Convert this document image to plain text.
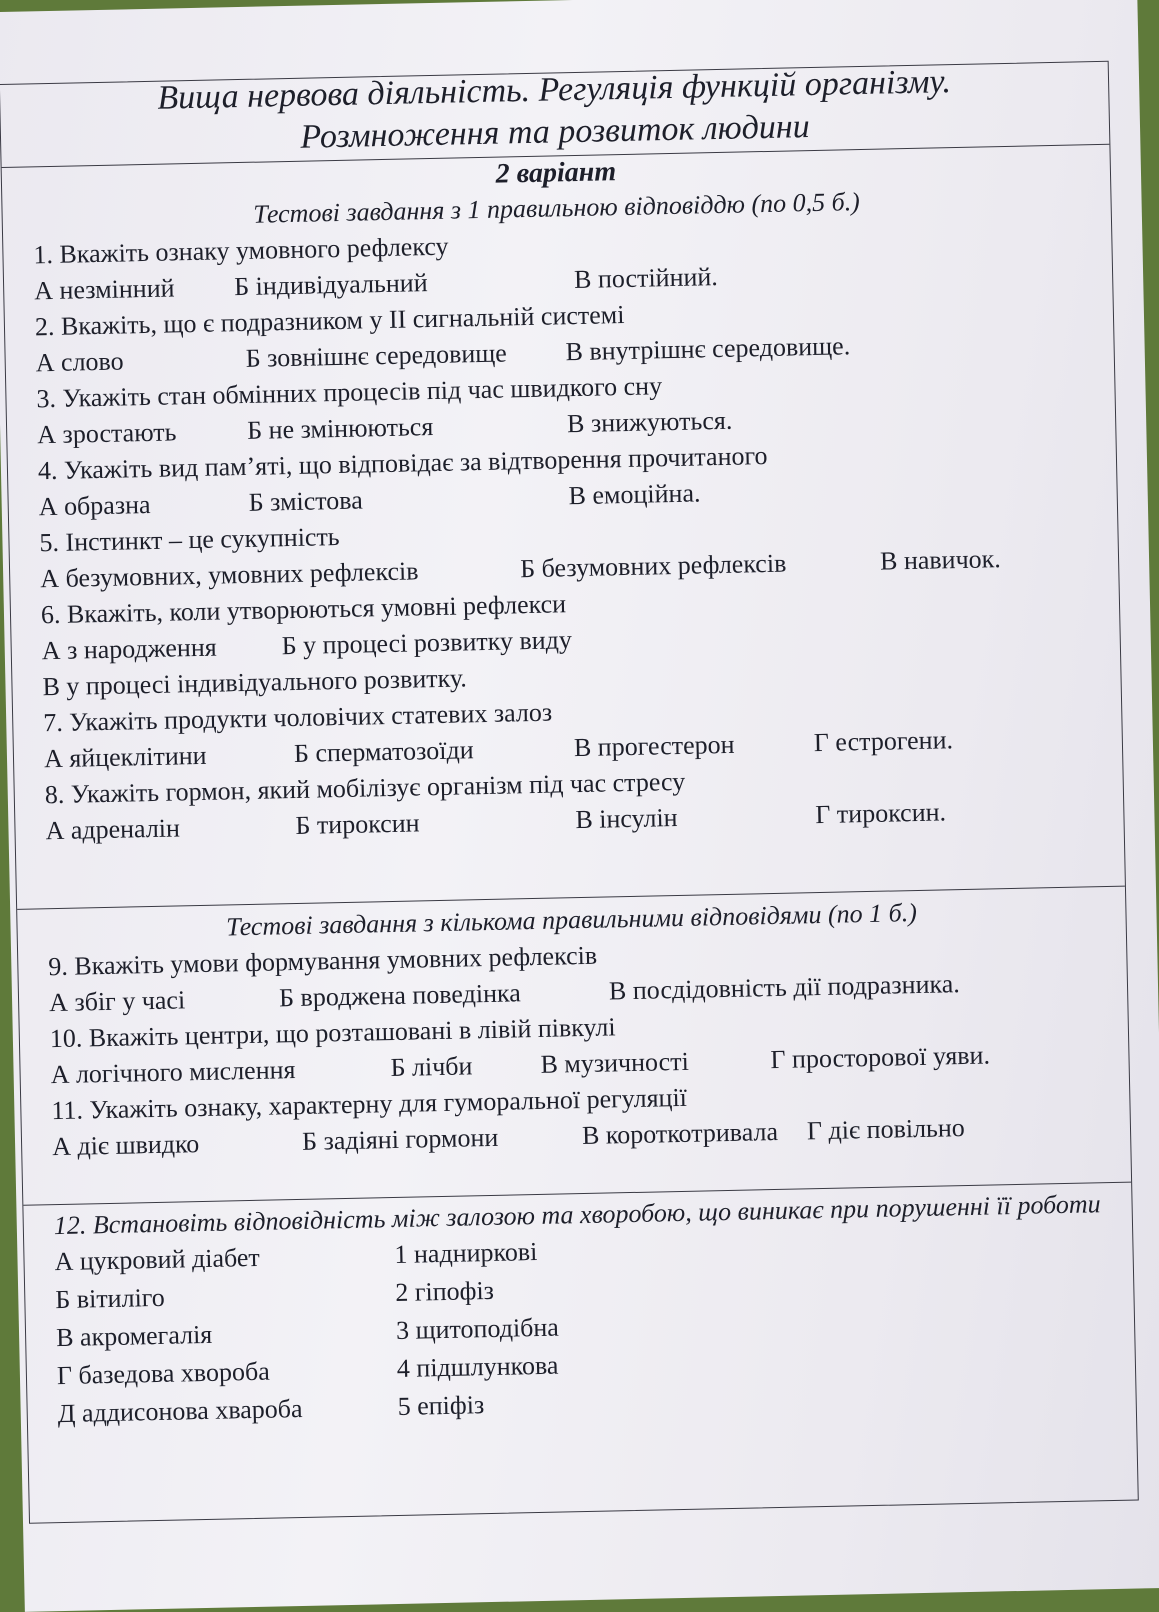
Вища нервова діяльність. Регуляція функцій організму.
Розмноження та розвиток людини
2 варіант
Тестові завдання з 1 правильною відповіддю (по 0,5 б.)
1. Вкажіть ознаку умовного рефлексу
А незмінний	Б індивідуальний	В постійний.
2. Вкажіть, що є подразником у ІІ сигнальній системі
А слово	Б зовнішнє середовище	В внутрішнє середовище.
3. Укажіть стан обмінних процесів під час швидкого сну
А зростають	Б не змінюються	В знижуються.
4. Укажіть вид пам’яті, що відповідає за відтворення прочитаного
А образна	Б змістова	В емоційна.
5. Інстинкт – це сукупність
А безумовних, умовних рефлексів	Б безумовних рефлексів	В навичок.
6. Вкажіть, коли утворюються умовні рефлекси
А з народження	Б у процесі розвитку виду
В у процесі індивідуального розвитку.
7. Укажіть продукти чоловічих статевих залоз
А яйцеклітини	Б сперматозоїди	В прогестерон	Г естрогени.
8. Укажіть гормон, який мобілізує організм під час стресу
А адреналін	Б тироксин	В інсулін	Г тироксин.
Тестові завдання з кількома правильними відповідями (по 1 б.)
9. Вкажіть умови формування умовних рефлексів
А збіг у часі	Б вроджена поведінка	В посдідовність дії подразника.
10. Вкажіть центри, що розташовані в лівій півкулі
А логічного мислення	Б лічби	В музичності	Г просторової уяви.
11. Укажіть ознаку, характерну для гуморальної регуляції
А діє швидко	Б задіяні гормони	В короткотривала	Г діє повільно
12. Встановіть відповідність між залозою та хворобою, що виникає при порушенні її роботи
А цукровий діабет	1 надниркові
Б вітиліго	2 гіпофіз
В акромегалія	3 щитоподібна
Г базедова хвороба	4 підшлункова
Д аддисонова хвароба	5 епіфіз
